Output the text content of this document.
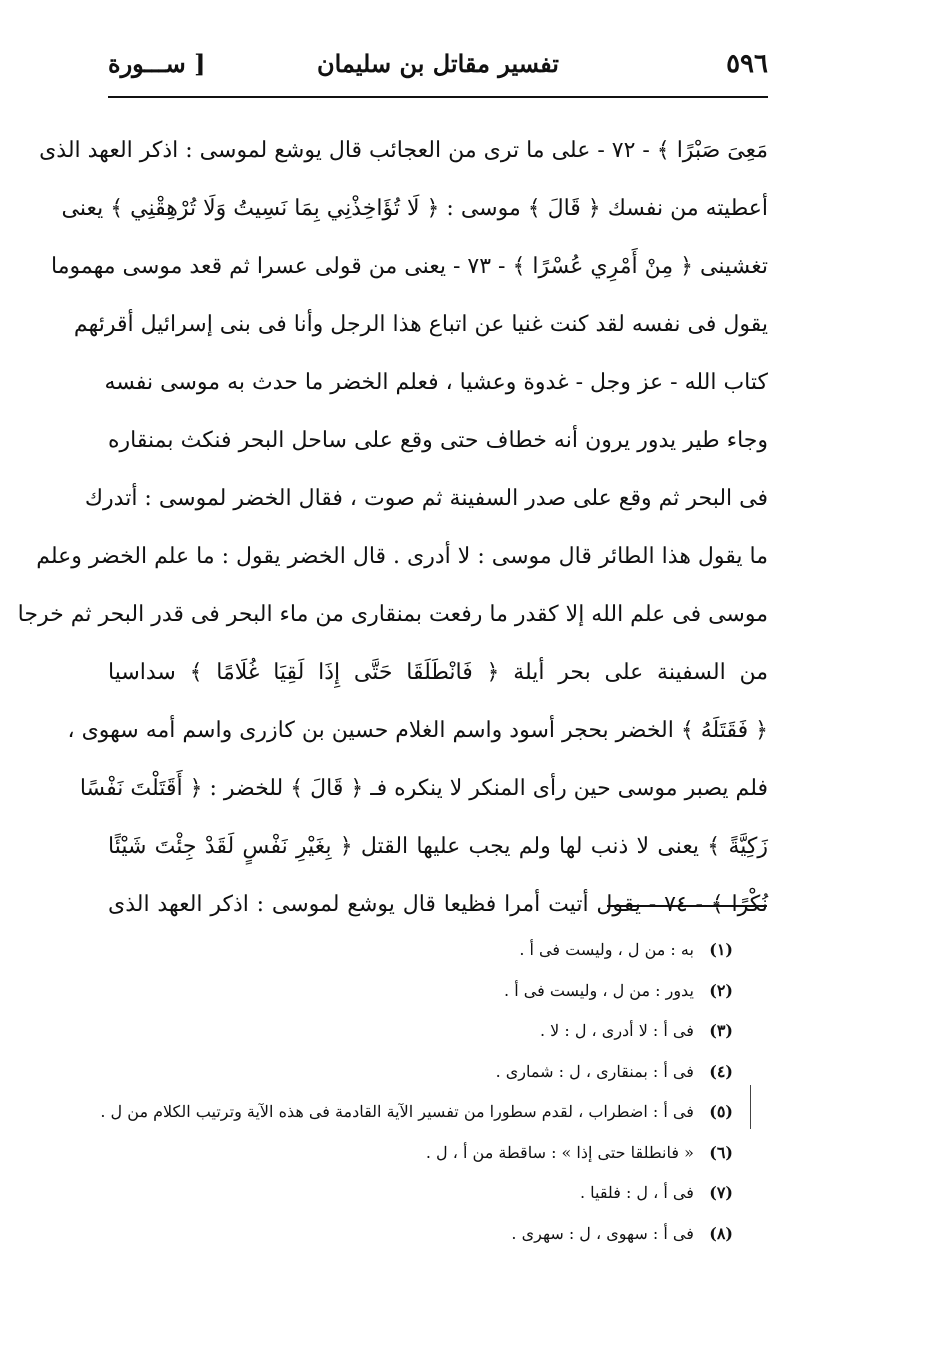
٥٩٦
تفسير مقاتل بن سليمان
[ ســـورة
مَعِىَ صَبْرًا ﴾ - ٧٢ - على ما ترى من العجائب قال يوشع لموسى : اذكر العهد الذى
أعطيته من نفسك ﴿ قَالَ ﴾ موسى : ﴿ لَا تُؤَاخِذْنِي بِمَا نَسِيتُ وَلَا تُرْهِقْنِي ﴾ يعنى
تغشينى ﴿ مِنْ أَمْرِي عُسْرًا ﴾ - ٧٣ - يعنى من قولى عسرا ثم قعد موسى مهموما
يقول فى نفسه لقد كنت غنيا عن اتباع هذا الرجل وأنا فى بنى إسرائيل أقرئهم
كتاب الله - عز وجل - غدوة وعشيا ، فعلم الخضر ما حدث به موسى نفسه
وجاء طير يدور يرون أنه خطاف حتى وقع على ساحل البحر فنكث بمنقاره
فى البحر ثم وقع على صدر السفينة ثم صوت ، فقال الخضر لموسى : أتدرك
ما يقول هذا الطائر قال موسى : لا أدرى . قال الخضر يقول : ما علم الخضر وعلم
موسى فى علم الله إلا كقدر ما رفعت بمنقارى من ماء البحر فى قدر البحر ثم خرجا
من السفينة على بحر أيلة ﴿ فَانْطَلَقَا حَتَّى إِذَا لَقِيَا غُلَامًا ﴾ سداسيا
﴿ فَقَتَلَهُ ﴾ الخضر بحجر أسود واسم الغلام حسين بن كازرى واسم أمه سهوى ،
فلم يصبر موسى حين رأى المنكر لا ينكره فـ ﴿ قَالَ ﴾ للخضر : ﴿ أَقَتَلْتَ نَفْسًا
زَكِيَّةً ﴾ يعنى لا ذنب لها ولم يجب عليها القتل ﴿ بِغَيْرِ نَفْسٍ لَقَدْ جِئْتَ شَيْئًا
نُكْرًا ﴾ - ٧٤ - يقول أتيت أمرا فظيعا قال يوشع لموسى : اذكر العهد الذى
(١) به : من ل ، وليست فى أ .
(٢) يدور : من ل ، وليست فى أ .
(٣) فى أ : لا أدرى ، ل : لا .
(٤) فى أ : بمنقارى ، ل : شمارى .
(٥) فى أ : اضطراب ، لقدم سطورا من تفسير الآية القادمة فى هذه الآية وترتيب الكلام من ل .
(٦) « فانطلقا حتى إذا » : ساقطة من أ ، ل .
(٧) فى أ ، ل : فلقيا .
(٨) فى أ : سهوى ، ل : سهرى .
